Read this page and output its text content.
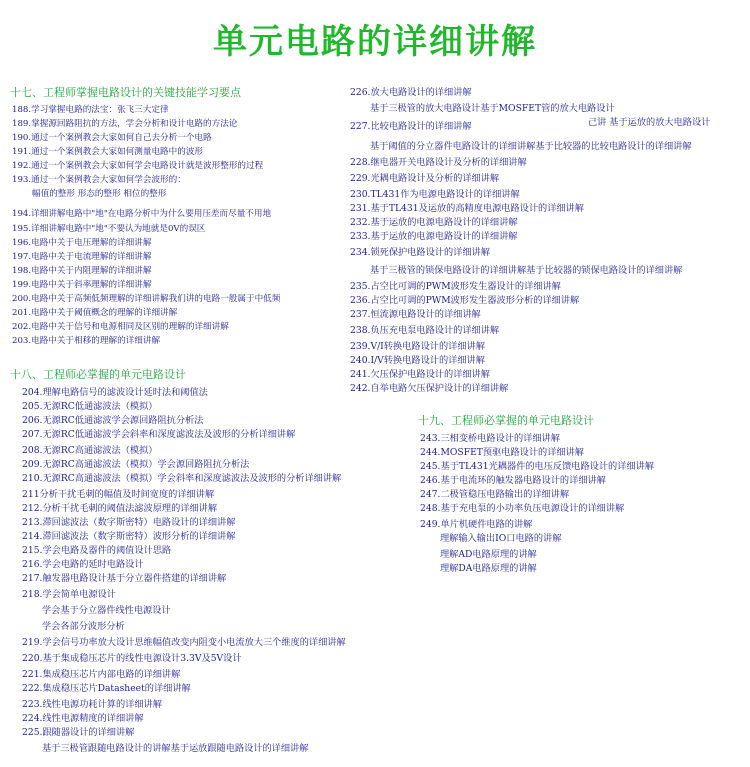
单元电路的详细讲解
十七、工程师掌握电路设计的关键技能学习要点
188.学习掌握电路的法宝：张飞三大定律
189.掌握源回路阻抗的方法，学会分析和设计电路的方法论
190.通过一个案例教会大家如何自己去分析一个电路
191.通过一个案例教会大家如何测量电路中的波形
192.通过一个案例教会大家如何学会电路设计就是波形整形的过程
193.通过一个案例教会大家如何学会波形的：
幅值的整形 形态的整形 相位的整形
194.详细讲解电路中"地"在电路分析中为什么要用压差而尽量不用地
195.详细讲解电路中"地"不要认为地就是0V的误区
196.电路中关于电压理解的详细讲解
197.电路中关于电流理解的详细讲解
198.电路中关于内阻理解的详细讲解
199.电路中关于斜率理解的详细讲解
200.电路中关于高频低频理解的详细讲解我们讲的电路一般属于中低频
201.电路中关于阈值概念的理解的详细讲解
202.电路中关于信号和电源相同及区别的理解的详细讲解
203.电路中关于相移的理解的详细讲解
十八、工程师必掌握的单元电路设计
204.理解电路信号的滤波设计延时法和阈值法
205.无源RC低通滤波法（模拟）
206.无源RC低通滤波学会源回路阻抗分析法
207.无源RC低通滤波学会斜率和深度滤波法及波形的分析详细讲解
208.无源RC高通滤波法（模拟）
209.无源RC高通滤波法（模拟）学会源回路阻抗分析法
210.无源RC高通滤波法（模拟）学会斜率和深度滤波法及波形的分析详细讲解
211分析干扰毛刺的幅值及时间宽度的详细讲解
212.分析干扰毛刺的阈值法滤波原理的详细讲解
213.滞回滤波法（数字斯密特）电路设计的详细讲解
214.滞回滤波法（数字斯密特）波形分析的详细讲解
215.学会电路及器件的阈值设计思路
216.学会电路的延时电路设计
217.触发器电路设计基于分立器件搭建的详细讲解
218.学会简单电源设计
学会基于分立器件线性电源设计
学会各部分波形分析
219.学会信号功率放大设计思维幅值改变内阻变小电流放大三个维度的详细讲解
220.基于集成稳压芯片的线性电源设计3.3V及5V设计
221.集成稳压芯片内部电路的详细讲解
222.集成稳压芯片Datasheet的详细讲解
223.线性电源功耗计算的详细讲解
224.线性电源精度的详细讲解
225.跟随器设计的详细讲解
基于三极管跟随电路设计的讲解基于运放跟随电路设计的详细讲解
226.放大电路设计的详细讲解
基于三极管的放大电路设计基于MOSFET管的放大电路设计
227.比较电路设计的详细讲解
基于阈值的分立器件电路设计的详细讲解基于比较器的比较电路设计的详细讲解
228.继电器开关电路设计及分析的详细讲解
229.光耦电路设计及分析的详细讲解
230.TL431作为电源电路设计的详细讲解
231.基于TL431及运放的高精度电源电路设计的详细讲解
232.基于运放的电源电路设计的详细讲解
233.基于运放的电源电路设计的详细讲解
234.锁死保护电路设计的详细讲解
基于三极管的锁保电路设计的详细讲解基于比较器的锁保电路设计的详细讲解
235.占空比可调的PWM波形发生器设计的详细讲解
236.占空比可调的PWM波形发生器波形分析的详细讲解
237.恒流源电路设计的详细讲解
238.负压充电泵电路设计的详细讲解
239.V/I转换电路设计的详细讲解
240.I/V转换电路设计的详细讲解
241.欠压保护电路设计的详细讲解
242.自举电路欠压保护设计的详细讲解
己讲 基于运放的放大电路设计
十九、工程师必掌握的单元电路设计
243.三相变桥电路设计的详细讲解
244.MOSFET预驱电路设计的详细讲解
245.基于TL431光耦器件的电压反馈电路设计的详细讲解
246.基于电流环的触发器电路设计的详细讲解
247.二极管稳压电路输出的详细讲解
248.基于充电泵的小功率负压电源设计的详细讲解
249.单片机硬件电路的讲解
理解输入输出IO口电路的讲解
理解AD电路原理的讲解
理解DA电路原理的讲解
